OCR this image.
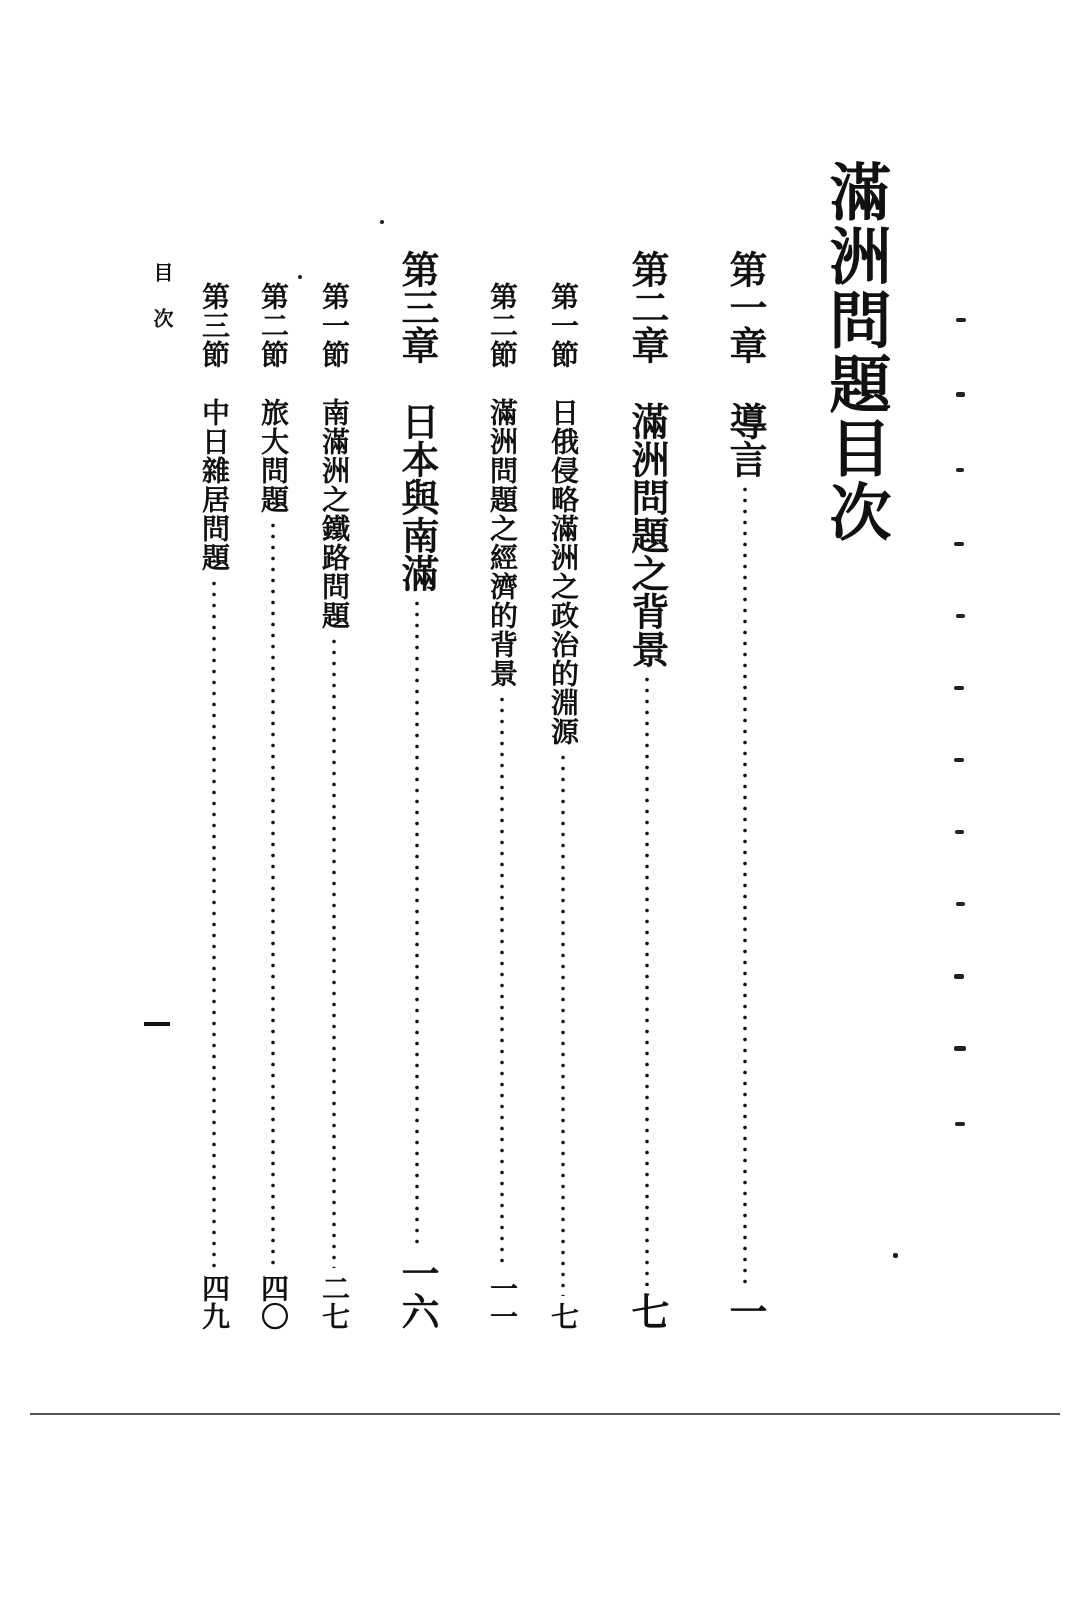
滿洲問題目次
第一章　導言
一
第二章　滿洲問題之背景
七
第一節　日俄侵略滿洲之政治的淵源
七
第二節　滿洲問題之經濟的背景
一一
第三章　日本與南滿
一六
第一節　南滿洲之鐵路問題
二七
第二節　旅大問題
四〇
第三節　中日雜居問題
四九
目次
